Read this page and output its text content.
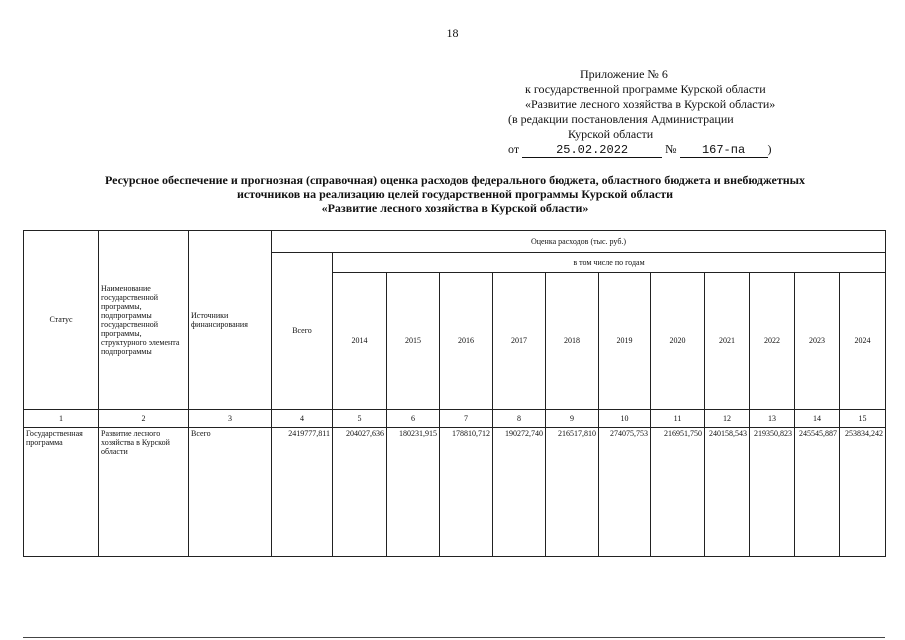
18
Приложение № 6
к государственной программе Курской области
«Развитие лесного хозяйства в Курской области»
(в редакции постановления Администрации
Курской области
от	25.02.2022	№ 167-па )
Ресурсное обеспечение и прогнозная (справочная) оценка расходов федерального бюджета, областного бюджета и внебюджетных
источников на реализацию целей государственной программы Курской области
«Развитие лесного хозяйства в Курской области»
Статус	Наименование государственной программы, подпрограммы государственной программы, структурного элемента подпрограммы	Источники финансирования	Оценка расходов (тыс. руб.)											
			Всего	в том числе по годам										
				2014	2015	2016	2017	2018	2019	2020	2021	2022	2023	2024
1	2	3	4	5	6	7	8	9	10	11	12	13	14	15
Государственная программа	Развитие лесного хозяйства в Курской области	Всего	2419777,811	204027,636	180231,915	178810,712	190272,740	216517,810	274075,753	216951,750	240158,543	219350,823	245545,887	253834,242
